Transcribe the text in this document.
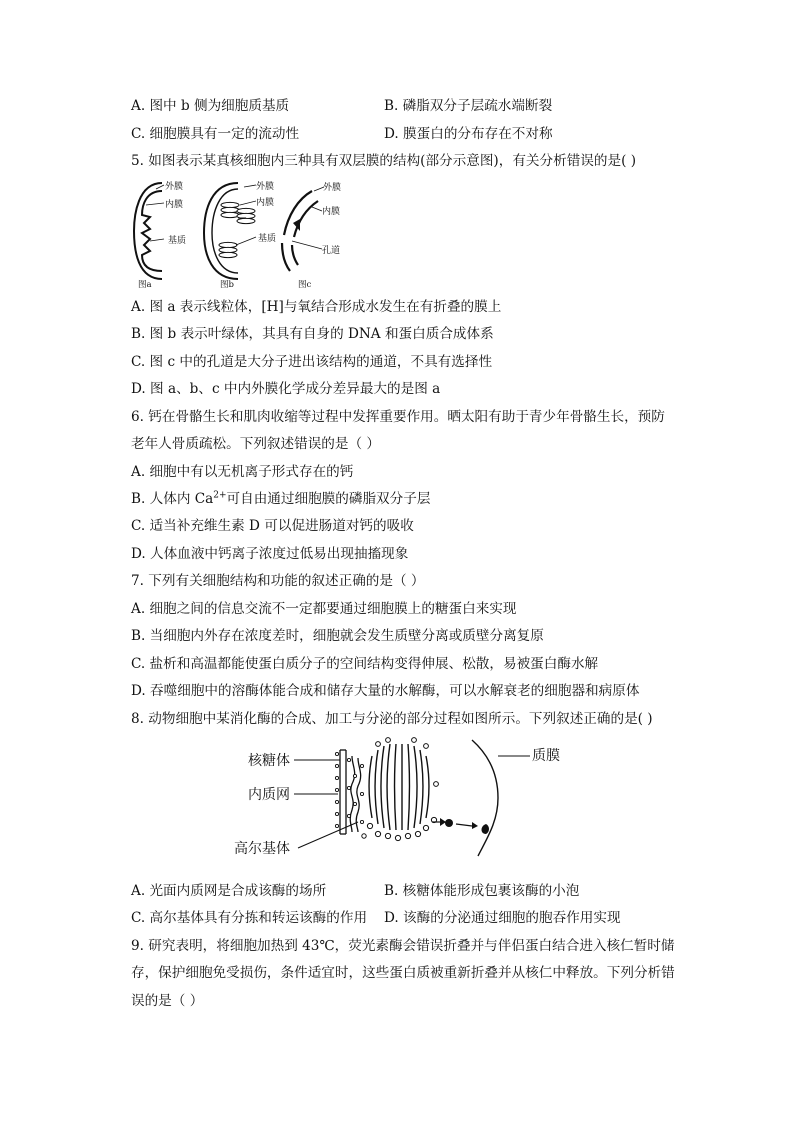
A. 图中 b 侧为细胞质基质	B. 磷脂双分子层疏水端断裂
C. 细胞膜具有一定的流动性	D. 膜蛋白的分布存在不对称
5. 如图表示某真核细胞内三种具有双层膜的结构(部分示意图)，有关分析错误的是( )
外膜
内膜
基质
图a
外膜
内膜
基质
图b
外膜
内膜
孔道
图c
A. 图 a 表示线粒体，[H]与氧结合形成水发生在有折叠的膜上
B. 图 b 表示叶绿体，其具有自身的 DNA 和蛋白质合成体系
C. 图 c 中的孔道是大分子进出该结构的通道，不具有选择性
D. 图 a、b、c 中内外膜化学成分差异最大的是图 a
6. 钙在骨骼生长和肌肉收缩等过程中发挥重要作用。晒太阳有助于青少年骨骼生长，预防
老年人骨质疏松。下列叙述错误的是（ ）
A. 细胞中有以无机离子形式存在的钙
B. 人体内 $Ca^{2+}$可自由通过细胞膜的磷脂双分子层
C. 适当补充维生素 D 可以促进肠道对钙的吸收
D. 人体血液中钙离子浓度过低易出现抽搐现象
7. 下列有关细胞结构和功能的叙述正确的是（ ）
A. 细胞之间的信息交流不一定都要通过细胞膜上的糖蛋白来实现
B. 当细胞内外存在浓度差时，细胞就会发生质壁分离或质壁分离复原
C. 盐析和高温都能使蛋白质分子的空间结构变得伸展、松散，易被蛋白酶水解
D. 吞噬细胞中的溶酶体能合成和储存大量的水解酶，可以水解衰老的细胞器和病原体
8. 动物细胞中某消化酶的合成、加工与分泌的部分过程如图所示。下列叙述正确的是( )
核糖体
内质网
高尔基体
质膜
A. 光面内质网是合成该酶的场所	B. 核糖体能形成包裹该酶的小泡
C. 高尔基体具有分拣和转运该酶的作用 D. 该酶的分泌通过细胞的胞吞作用实现
9. 研究表明，将细胞加热到 43℃，荧光素酶会错误折叠并与伴侣蛋白结合进入核仁暂时储
存，保护细胞免受损伤，条件适宜时，这些蛋白质被重新折叠并从核仁中释放。下列分析错
误的是（ ）
